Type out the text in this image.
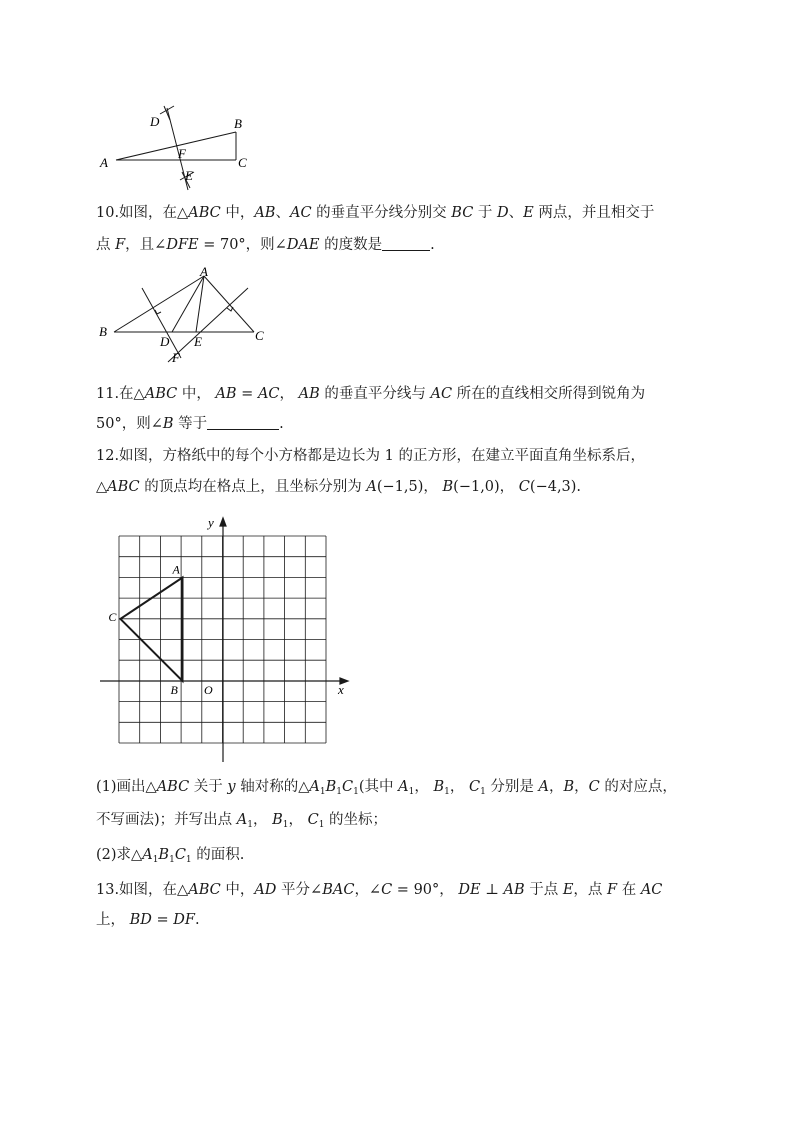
D	B
F
A	C
E
10.如图，在△ABC 中，AB、AC 的垂直平分线分别交 BC 于 D、E 两点，并且相交于
点 F，且∠DFE = 70°，则∠DAE 的度数是	.
A
B	C
D E
F
11.在△ABC 中， AB = AC， AB 的垂直平分线与 AC 所在的直线相交所得到锐角为
50°，则∠B 等于	.
12.如图，方格纸中的每个小方格都是边长为 1 的正方形，在建立平面直角坐标系后，
△ABC 的顶点均在格点上，且坐标分别为 A(−1,5)， B(−1,0)， C(−4,3).
x
y
A
B
C
O
(1)画出△ABC 关于 y 轴对称的$\triangle A_1B_1C_1$(其中 $A_1$， $B_1$， $C_1$ 分别是 A，B，C 的对应点，
不写画法)；并写出点 $A_1$， $B_1$， $C_1$ 的坐标；
(2)求$\triangle A_1B_1C_1$ 的面积.
13.如图，在△ABC 中，AD 平分∠BAC，∠C = 90°， DE ⊥ AB 于点 E，点 F 在 AC
上， BD = DF.
